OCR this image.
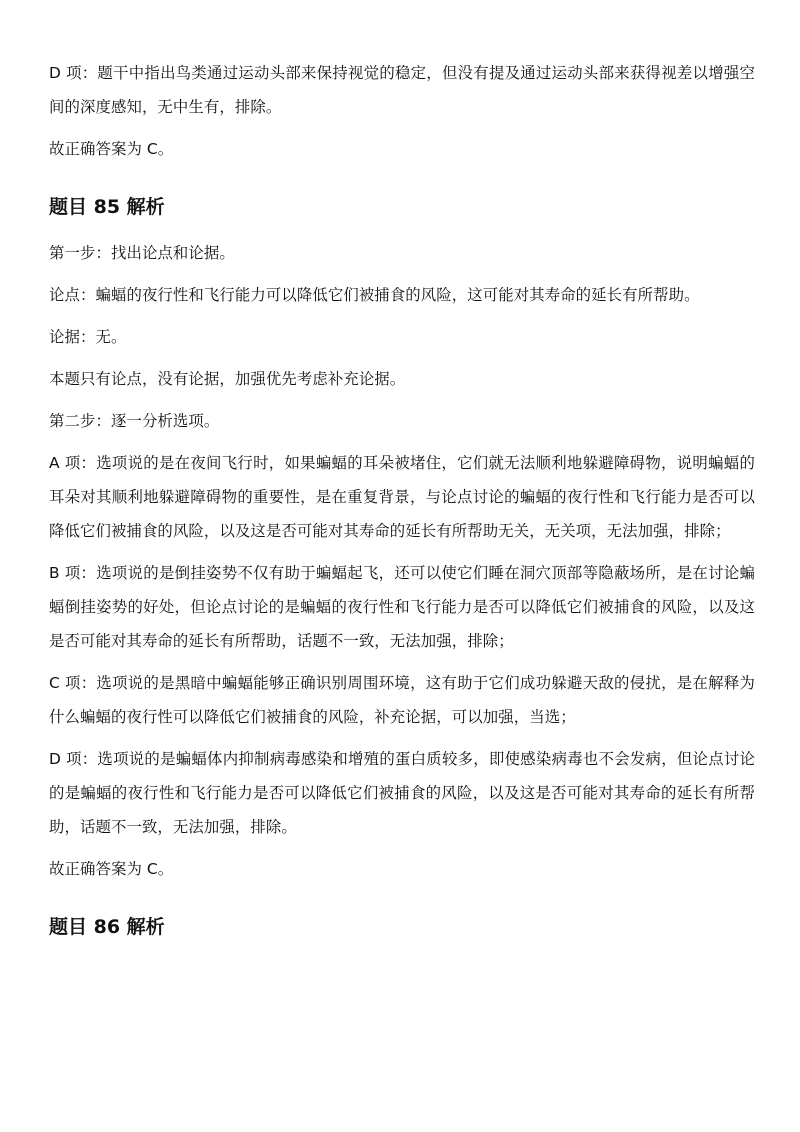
D 项：题干中指出鸟类通过运动头部来保持视觉的稳定，但没有提及通过运动头部来获得视差以增强空间的深度感知，无中生有，排除。

故正确答案为 C。

题目 85 解析

第一步：找出论点和论据。

论点：蝙蝠的夜行性和飞行能力可以降低它们被捕食的风险，这可能对其寿命的延长有所帮助。

论据：无。

本题只有论点，没有论据，加强优先考虑补充论据。

第二步：逐一分析选项。

A 项：选项说的是在夜间飞行时，如果蝙蝠的耳朵被堵住，它们就无法顺利地躲避障碍物，说明蝙蝠的耳朵对其顺利地躲避障碍物的重要性，是在重复背景，与论点讨论的蝙蝠的夜行性和飞行能力是否可以降低它们被捕食的风险，以及这是否可能对其寿命的延长有所帮助无关，无关项，无法加强，排除；

B 项：选项说的是倒挂姿势不仅有助于蝙蝠起飞，还可以使它们睡在洞穴顶部等隐蔽场所，是在讨论蝙蝠倒挂姿势的好处，但论点讨论的是蝙蝠的夜行性和飞行能力是否可以降低它们被捕食的风险，以及这是否可能对其寿命的延长有所帮助，话题不一致，无法加强，排除；

C 项：选项说的是黑暗中蝙蝠能够正确识别周围环境，这有助于它们成功躲避天敌的侵扰，是在解释为什么蝙蝠的夜行性可以降低它们被捕食的风险，补充论据，可以加强，当选；

D 项：选项说的是蝙蝠体内抑制病毒感染和增殖的蛋白质较多，即使感染病毒也不会发病，但论点讨论的是蝙蝠的夜行性和飞行能力是否可以降低它们被捕食的风险，以及这是否可能对其寿命的延长有所帮助，话题不一致，无法加强，排除。

故正确答案为 C。

题目 86 解析
